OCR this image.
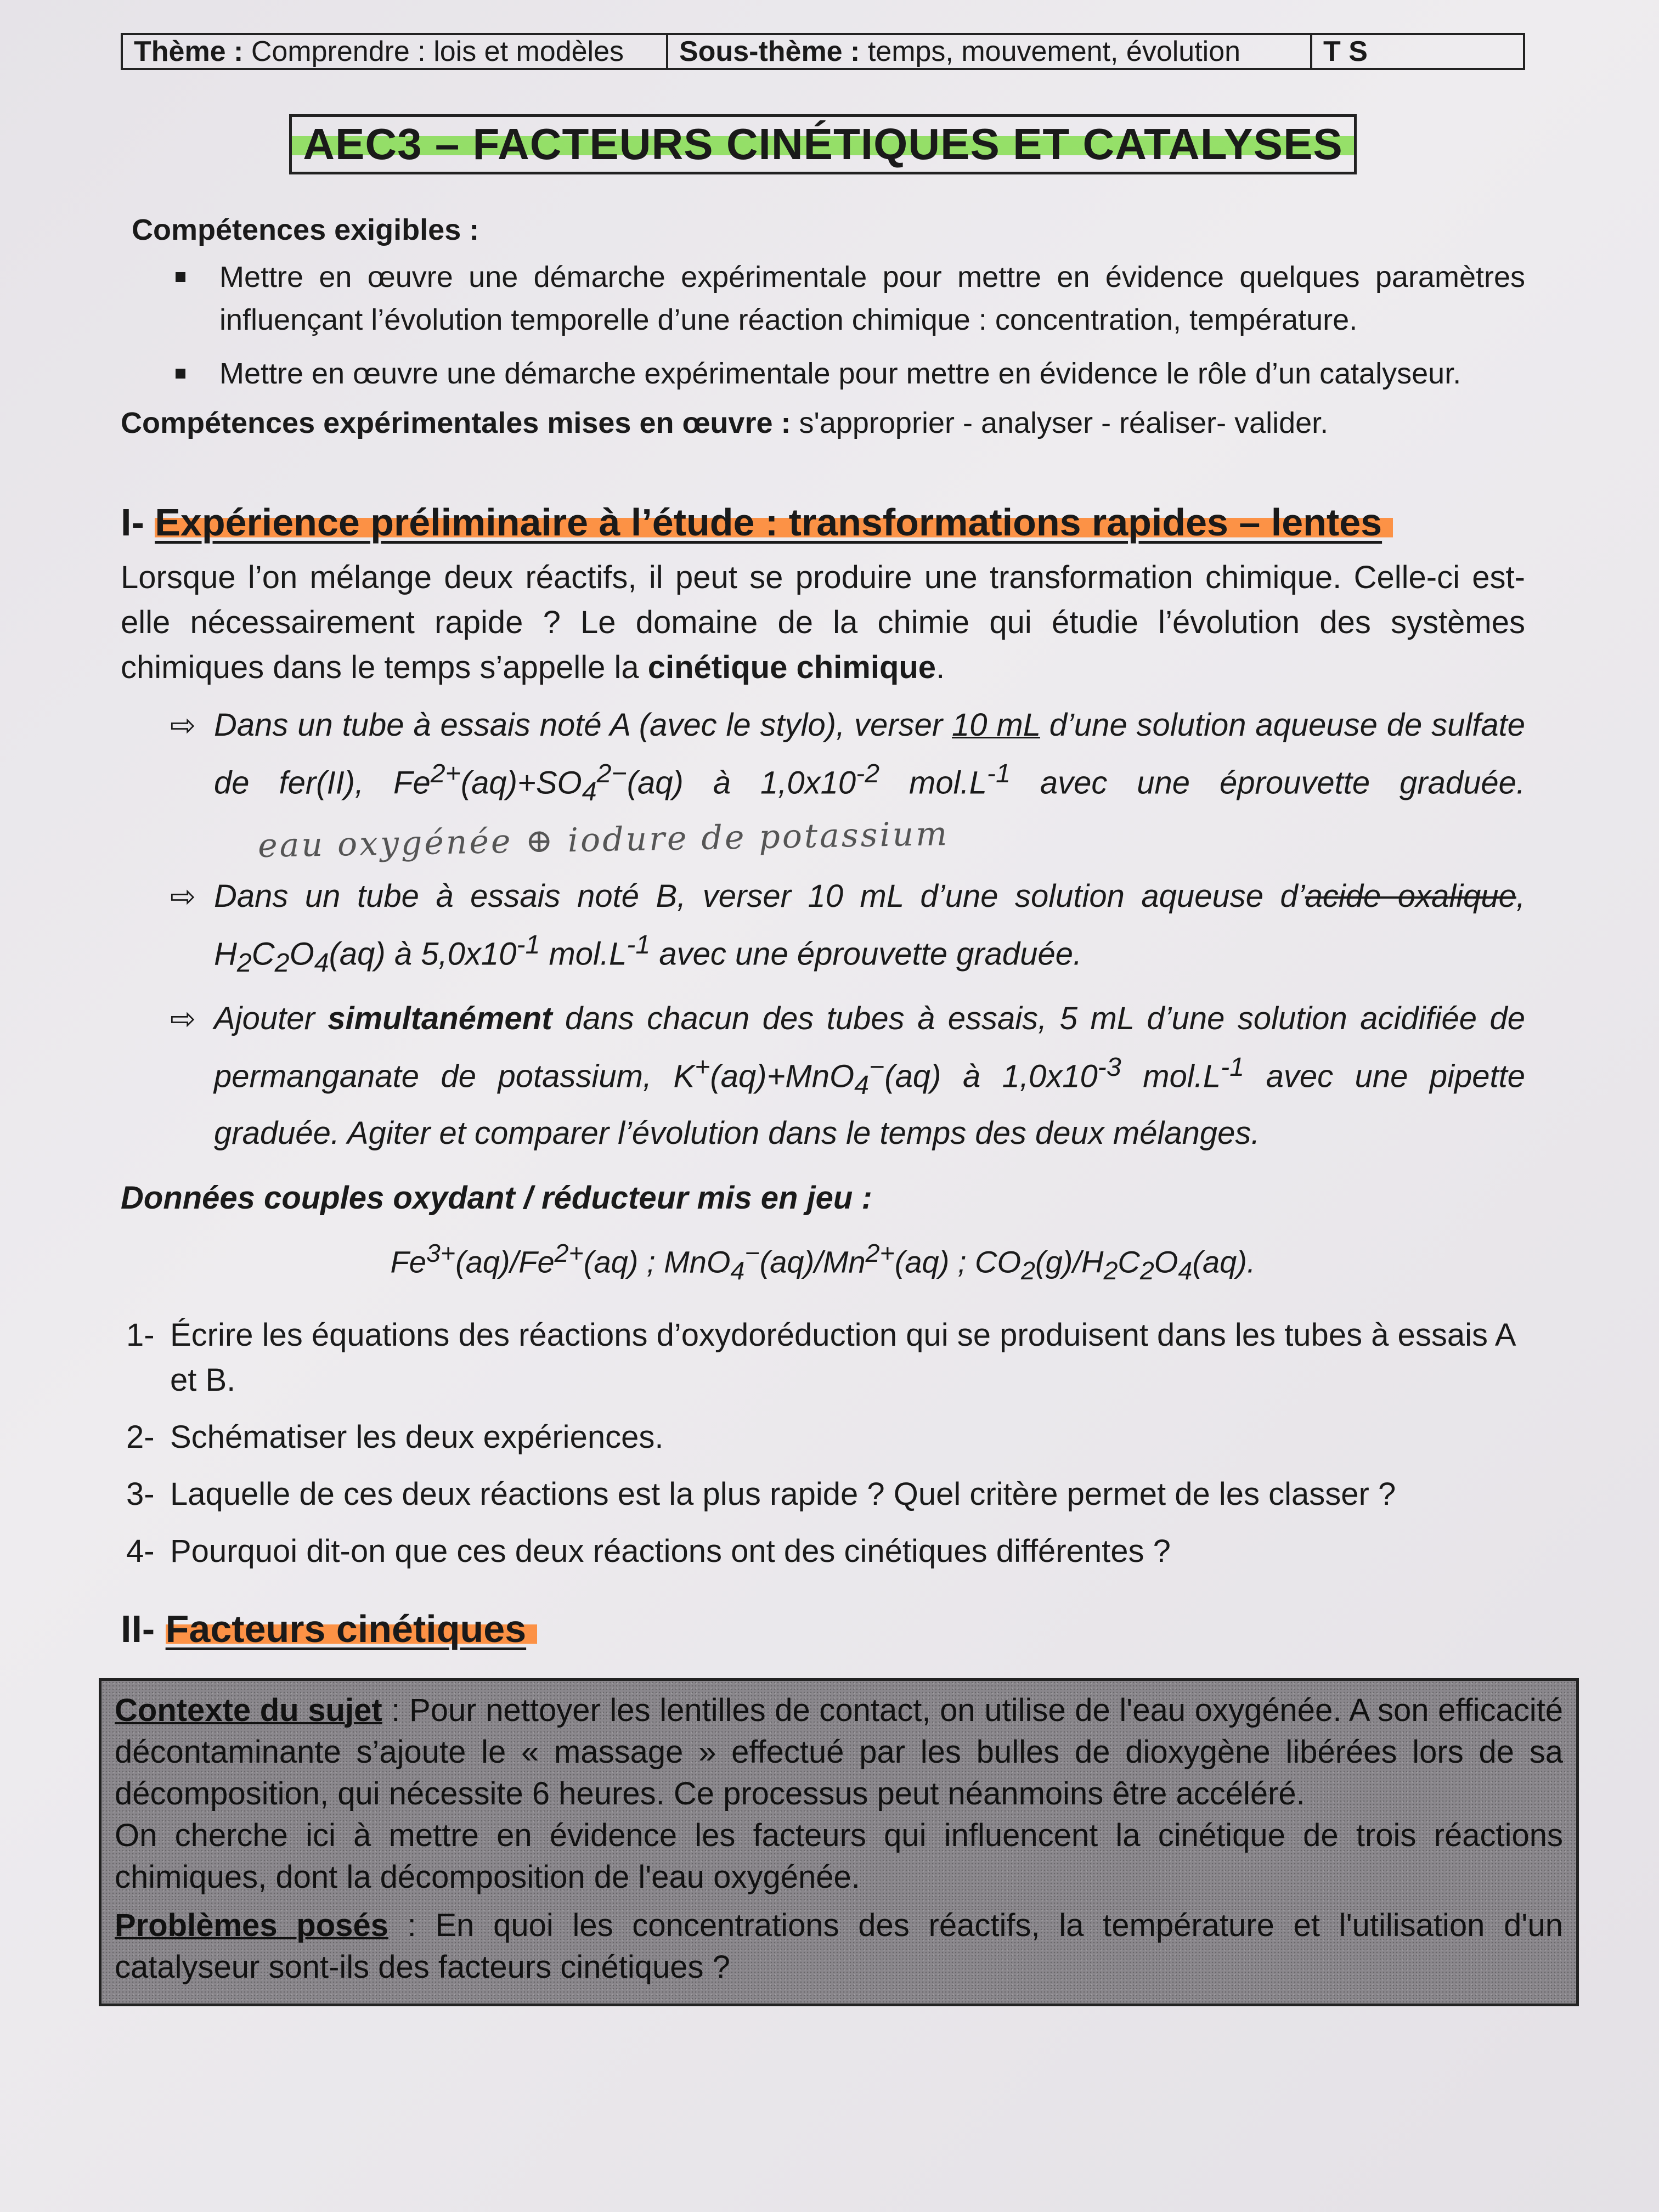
Thème : Comprendre : lois et modèles	Sous-thème : temps, mouvement, évolution	T S
AEC3 – FACTEURS CINÉTIQUES ET CATALYSES
Compétences exigibles :
Mettre en œuvre une démarche expérimentale pour mettre en évidence quelques paramètres influençant l’évolution temporelle d’une réaction chimique : concentration, température.
Mettre en œuvre une démarche expérimentale pour mettre en évidence le rôle d’un catalyseur.
Compétences expérimentales mises en œuvre : s'approprier - analyser - réaliser- valider.
I- Expérience préliminaire à l’étude : transformations rapides – lentes
Lorsque l’on mélange deux réactifs, il peut se produire une transformation chimique. Celle-ci est-elle nécessairement rapide ? Le domaine de la chimie qui étudie l’évolution des systèmes chimiques dans le temps s’appelle la cinétique chimique.
⇨ Dans un tube à essais noté A (avec le stylo), verser 10 mL d’une solution aqueuse de sulfate de fer(II), $Fe^{2+}(aq)+SO_4^{2-}(aq)$ à $1,0x10^{-2}$ $mol.L^{-1}$ avec une éprouvette graduée.eau oxygénée ⊕ iodure de potassium
⇨ Dans un tube à essais noté B, verser 10 mL d’une solution aqueuse d’acide oxalique, $H_2C_2O_4(aq)$ à $5,0x10^{-1}$ $mol.L^{-1}$ avec une éprouvette graduée.
⇨ Ajouter simultanément dans chacun des tubes à essais, 5 mL d’une solution acidifiée de permanganate de potassium, K+(aq)+MnO$_4$−(aq) à $1,0x10^{-3}$ $mol.L^{-1}$ avec une pipette graduée. Agiter et comparer l’évolution dans le temps des deux mélanges.
Données couples oxydant / réducteur mis en jeu :
$Fe^{3+}(aq)/Fe^{2+}(aq)$ ; $MnO_4^-(aq)/Mn^{2+}(aq)$ ; $CO_2(g)/H_2C_2O_4(aq)$.
1- Écrire les équations des réactions d’oxydoréduction qui se produisent dans les tubes à essais A et B.
2- Schématiser les deux expériences.
3- Laquelle de ces deux réactions est la plus rapide ? Quel critère permet de les classer ?
4- Pourquoi dit-on que ces deux réactions ont des cinétiques différentes ?
II- Facteurs cinétiques

Contexte du sujet : Pour nettoyer les lentilles de contact, on utilise de l'eau oxygénée. A son efficacité décontaminante s’ajoute le « massage » effectué par les bulles de dioxygène libérées lors de sa décomposition, qui nécessite 6 heures. Ce processus peut néanmoins être accéléré.
On cherche ici à mettre en évidence les facteurs qui influencent la cinétique de trois réactions chimiques, dont la décomposition de l'eau oxygénée.

Problèmes posés : En quoi les concentrations des réactifs, la température et l'utilisation d'un catalyseur sont-ils des facteurs cinétiques ?
